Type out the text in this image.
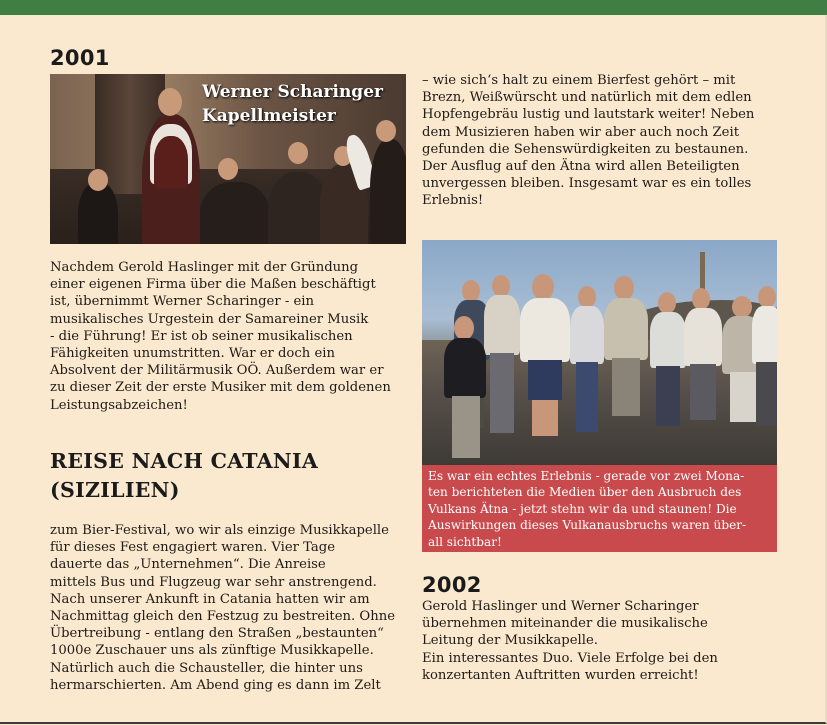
2001
Werner Scharinger
Kapellmeister
Nachdem Gerold Haslinger mit der Gründung
einer eigenen Firma über die Maßen beschäftigt
ist, übernimmt Werner Scharinger - ein
musikalisches Urgestein der Samareiner Musik
- die Führung! Er ist ob seiner musikalischen
Fähigkeiten unumstritten. War er doch ein
Absolvent der Militärmusik OÖ. Außerdem war er
zu dieser Zeit der erste Musiker mit dem goldenen
Leistungsabzeichen!
REISE NACH CATANIA
(SIZILIEN)
zum Bier-Festival, wo wir als einzige Musikkapelle
für dieses Fest engagiert waren. Vier Tage
dauerte das „Unternehmen“. Die Anreise
mittels Bus und Flugzeug war sehr anstrengend.
Nach unserer Ankunft in Catania hatten wir am
Nachmittag gleich den Festzug zu bestreiten. Ohne
Übertreibung - entlang den Straßen „bestaunten“
1000e Zuschauer uns als zünftige Musikkapelle.
Natürlich auch die Schausteller, die hinter uns
hermarschierten. Am Abend ging es dann im Zelt
– wie sich‘s halt zu einem Bierfest gehört – mit
Brezn, Weißwürscht und natürlich mit dem edlen
Hopfengebräu lustig und lautstark weiter! Neben
dem Musizieren haben wir aber auch noch Zeit
gefunden die Sehenswürdigkeiten zu bestaunen.
Der Ausflug auf den Ätna wird allen Beteiligten
unvergessen bleiben. Insgesamt war es ein tolles
Erlebnis!
Es war ein echtes Erlebnis - gerade vor zwei Mona-
ten berichteten die Medien über den Ausbruch des
Vulkans Ätna - jetzt stehn wir da und staunen! Die
Auswirkungen dieses Vulkanausbruchs waren über-
all sichtbar!
2002
Gerold Haslinger und Werner Scharinger
übernehmen miteinander die musikalische
Leitung der Musikkapelle.
Ein interessantes Duo. Viele Erfolge bei den
konzertanten Auftritten wurden erreicht!
